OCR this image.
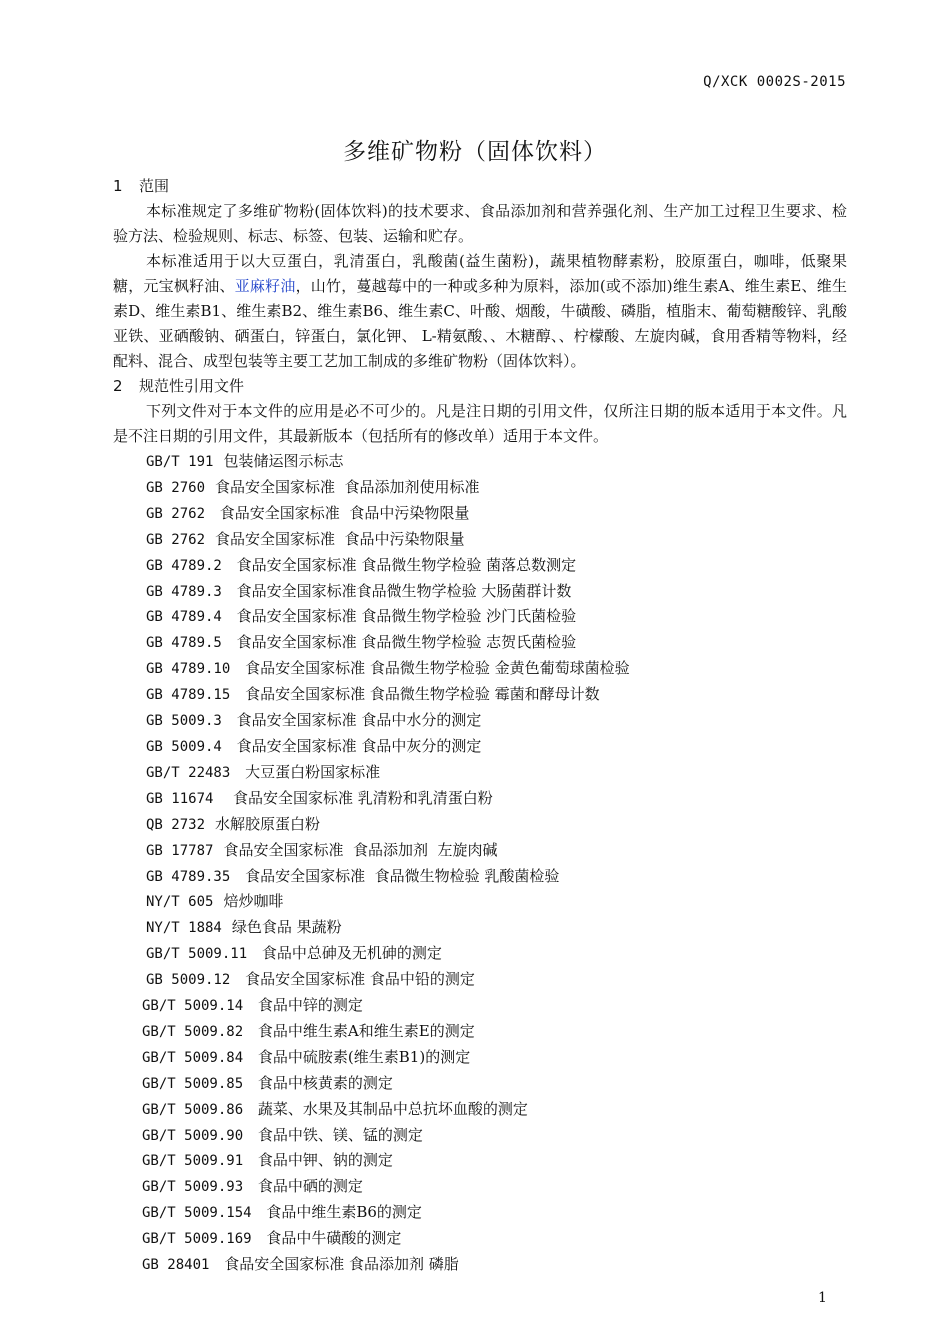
Q/XCK 0002S-2015
多维矿物粉（固体饮料）
1 范围

本标准规定了多维矿物粉(固体饮料)的技术要求、食品添加剂和营养强化剂、生产加工过程卫生要求、检验方法、检验规则、标志、标签、包装、运输和贮存。

本标准适用于以大豆蛋白，乳清蛋白，乳酸菌(益生菌粉)，蔬果植物酵素粉，胶原蛋白，咖啡，低聚果糖，元宝枫籽油、亚麻籽油，山竹，蔓越莓中的一种或多种为原料，添加(或不添加)维生素A、维生素E、维生素D、维生素B1、维生素B2、维生素B6、维生素C、叶酸、烟酸，牛磺酸、磷脂，植脂末、葡萄糖酸锌、乳酸亚铁、亚硒酸钠、硒蛋白，锌蛋白，氯化钾、 L-精氨酸、、木糖醇、、柠檬酸、左旋肉碱，食用香精等物料，经配料、混合、成型包装等主要工艺加工制成的多维矿物粉（固体饮料）。

2 规范性引用文件

下列文件对于本文件的应用是必不可少的。凡是注日期的引用文件，仅所注日期的版本适用于本文件。凡是不注日期的引用文件，其最新版本（包括所有的修改单）适用于本文件。

GB/T 191 包装储运图示标志
GB 2760 食品安全国家标准  食品添加剂使用标准
GB 2762 食品安全国家标准  食品中污染物限量
GB 2762 食品安全国家标准  食品中污染物限量
GB 4789.2 食品安全国家标准 食品微生物学检验 菌落总数测定
GB 4789.3 食品安全国家标准食品微生物学检验 大肠菌群计数
GB 4789.4 食品安全国家标准 食品微生物学检验 沙门氏菌检验
GB 4789.5 食品安全国家标准 食品微生物学检验 志贺氏菌检验
GB 4789.10 食品安全国家标准 食品微生物学检验 金黄色葡萄球菌检验
GB 4789.15 食品安全国家标准 食品微生物学检验 霉菌和酵母计数
GB 5009.3 食品安全国家标准 食品中水分的测定
GB 5009.4 食品安全国家标准 食品中灰分的测定
GB/T 22483 大豆蛋白粉国家标准
GB 11674  食品安全国家标准 乳清粉和乳清蛋白粉
QB 2732 水解胶原蛋白粉
GB 17787 食品安全国家标准  食品添加剂  左旋肉碱
GB 4789.35 食品安全国家标准  食品微生物检验 乳酸菌检验
NY/T 605 焙炒咖啡
NY/T 1884 绿色食品 果蔬粉
GB/T 5009.11 食品中总砷及无机砷的测定
GB 5009.12 食品安全国家标准 食品中铅的测定
GB/T 5009.14 食品中锌的测定
GB/T 5009.82 食品中维生素A和维生素E的测定
GB/T 5009.84 食品中硫胺素(维生素B1)的测定
GB/T 5009.85 食品中核黄素的测定
GB/T 5009.86 蔬菜、水果及其制品中总抗坏血酸的测定
GB/T 5009.90 食品中铁、镁、锰的测定
GB/T 5009.91 食品中钾、钠的测定
GB/T 5009.93 食品中硒的测定
GB/T 5009.154 食品中维生素B6的测定
GB/T 5009.169 食品中牛磺酸的测定
GB 28401 食品安全国家标准 食品添加剂 磷脂
1
